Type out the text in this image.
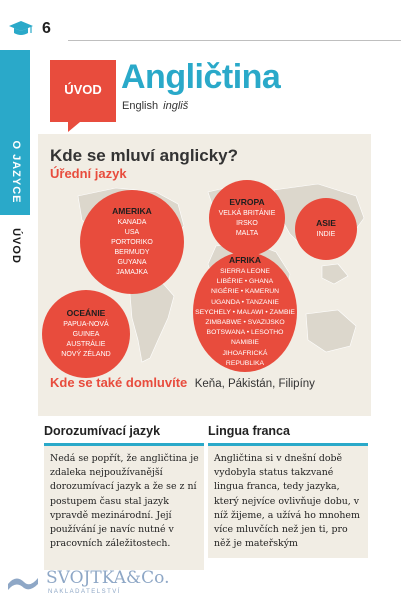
6
O JAZYCE
ÚVOD
ÚVOD Angličtina
English ingliš
Kde se mluví anglicky?
Úřední jazyk
AMERIKA
KANADA
USA
PORTORIKO
BERMUDY
GUYANA
JAMAJKA
EVROPA
VELKÁ BRITÁNIE
IRSKO
MALTA
ASIE
INDIE
AFRIKA
SIERRA LEONE
LIBÉRIE • GHANA
NIGÉRIE • KAMERUN
UGANDA • TANZANIE
SEYCHELY • MALAWI • ZAMBIE
ZIMBABWE • SVAZIJSKO
BOTSWANA • LESOTHO
NAMIBIE
JIHOAFRICKÁ
REPUBLIKA
OCEÁNIE
PAPUA-NOVÁ
GUINEA
AUSTRÁLIE
NOVÝ ZÉLAND
Kde se také domluvíte Keňa, Pákistán, Filipíny
Dorozumívací jazyk
Nedá se popřít, že angličtina je zdaleka nejpoužívanější dorozumívací jazyk a že se z ní postupem času stal jazyk vpravdě mezinárodní. Její používání je navíc nutné v pracovních záležitostech.
Lingua franca
Angličtina si v dnešní době vydobyla status takzvané lingua franca, tedy jazyka, který nejvíce ovlivňuje dobu, v níž žijeme, a užívá ho mnohem více mluvčích než jen ti, pro něž je mateřským
SVOJTKA&Co.
NAKLADATELSTVÍ
